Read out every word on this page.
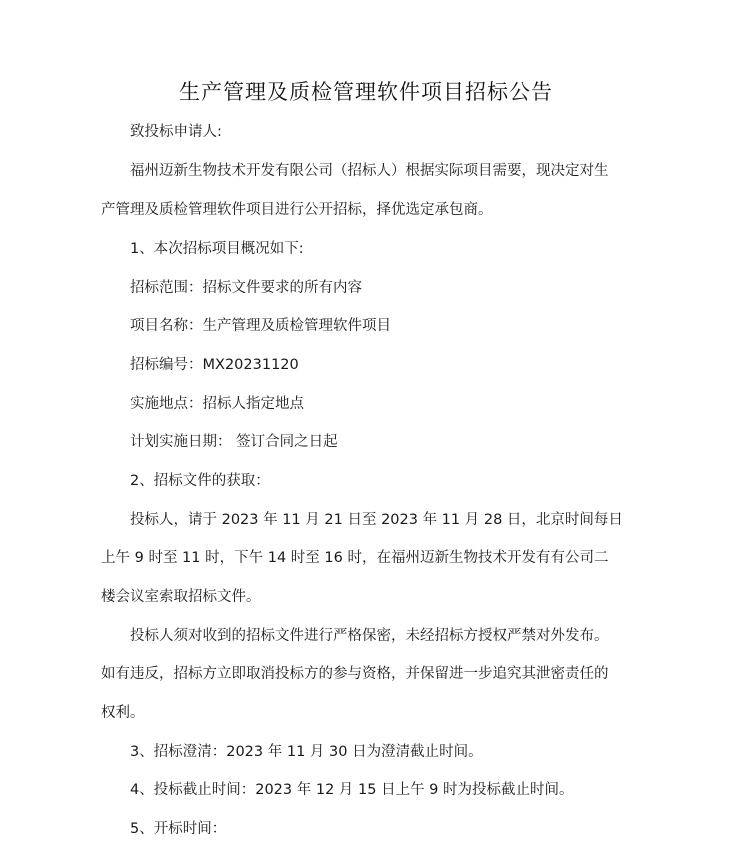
生产管理及质检管理软件项目招标公告
致投标申请人:
福州迈新生物技术开发有限公司（招标人）根据实际项目需要，现决定对生
产管理及质检管理软件项目进行公开招标，择优选定承包商。
1、本次招标项目概况如下:
招标范围：招标文件要求的所有内容
项目名称：生产管理及质检管理软件项目
招标编号：MX20231120
实施地点：招标人指定地点
计划实施日期： 签订合同之日起
2、招标文件的获取：
投标人，请于 2023 年 11 月 21 日至 2023 年 11 月 28 日，北京时间每日
上午 9 时至 11 时，下午 14 时至 16 时，在福州迈新生物技术开发有有公司二
楼会议室索取招标文件。
投标人须对收到的招标文件进行严格保密，未经招标方授权严禁对外发布。
如有违反，招标方立即取消投标方的参与资格，并保留进一步追究其泄密责任的
权利。
3、招标澄清：2023 年 11 月 30 日为澄清截止时间。
4、投标截止时间：2023 年 12 月 15 日上午 9 时为投标截止时间。
5、开标时间：
